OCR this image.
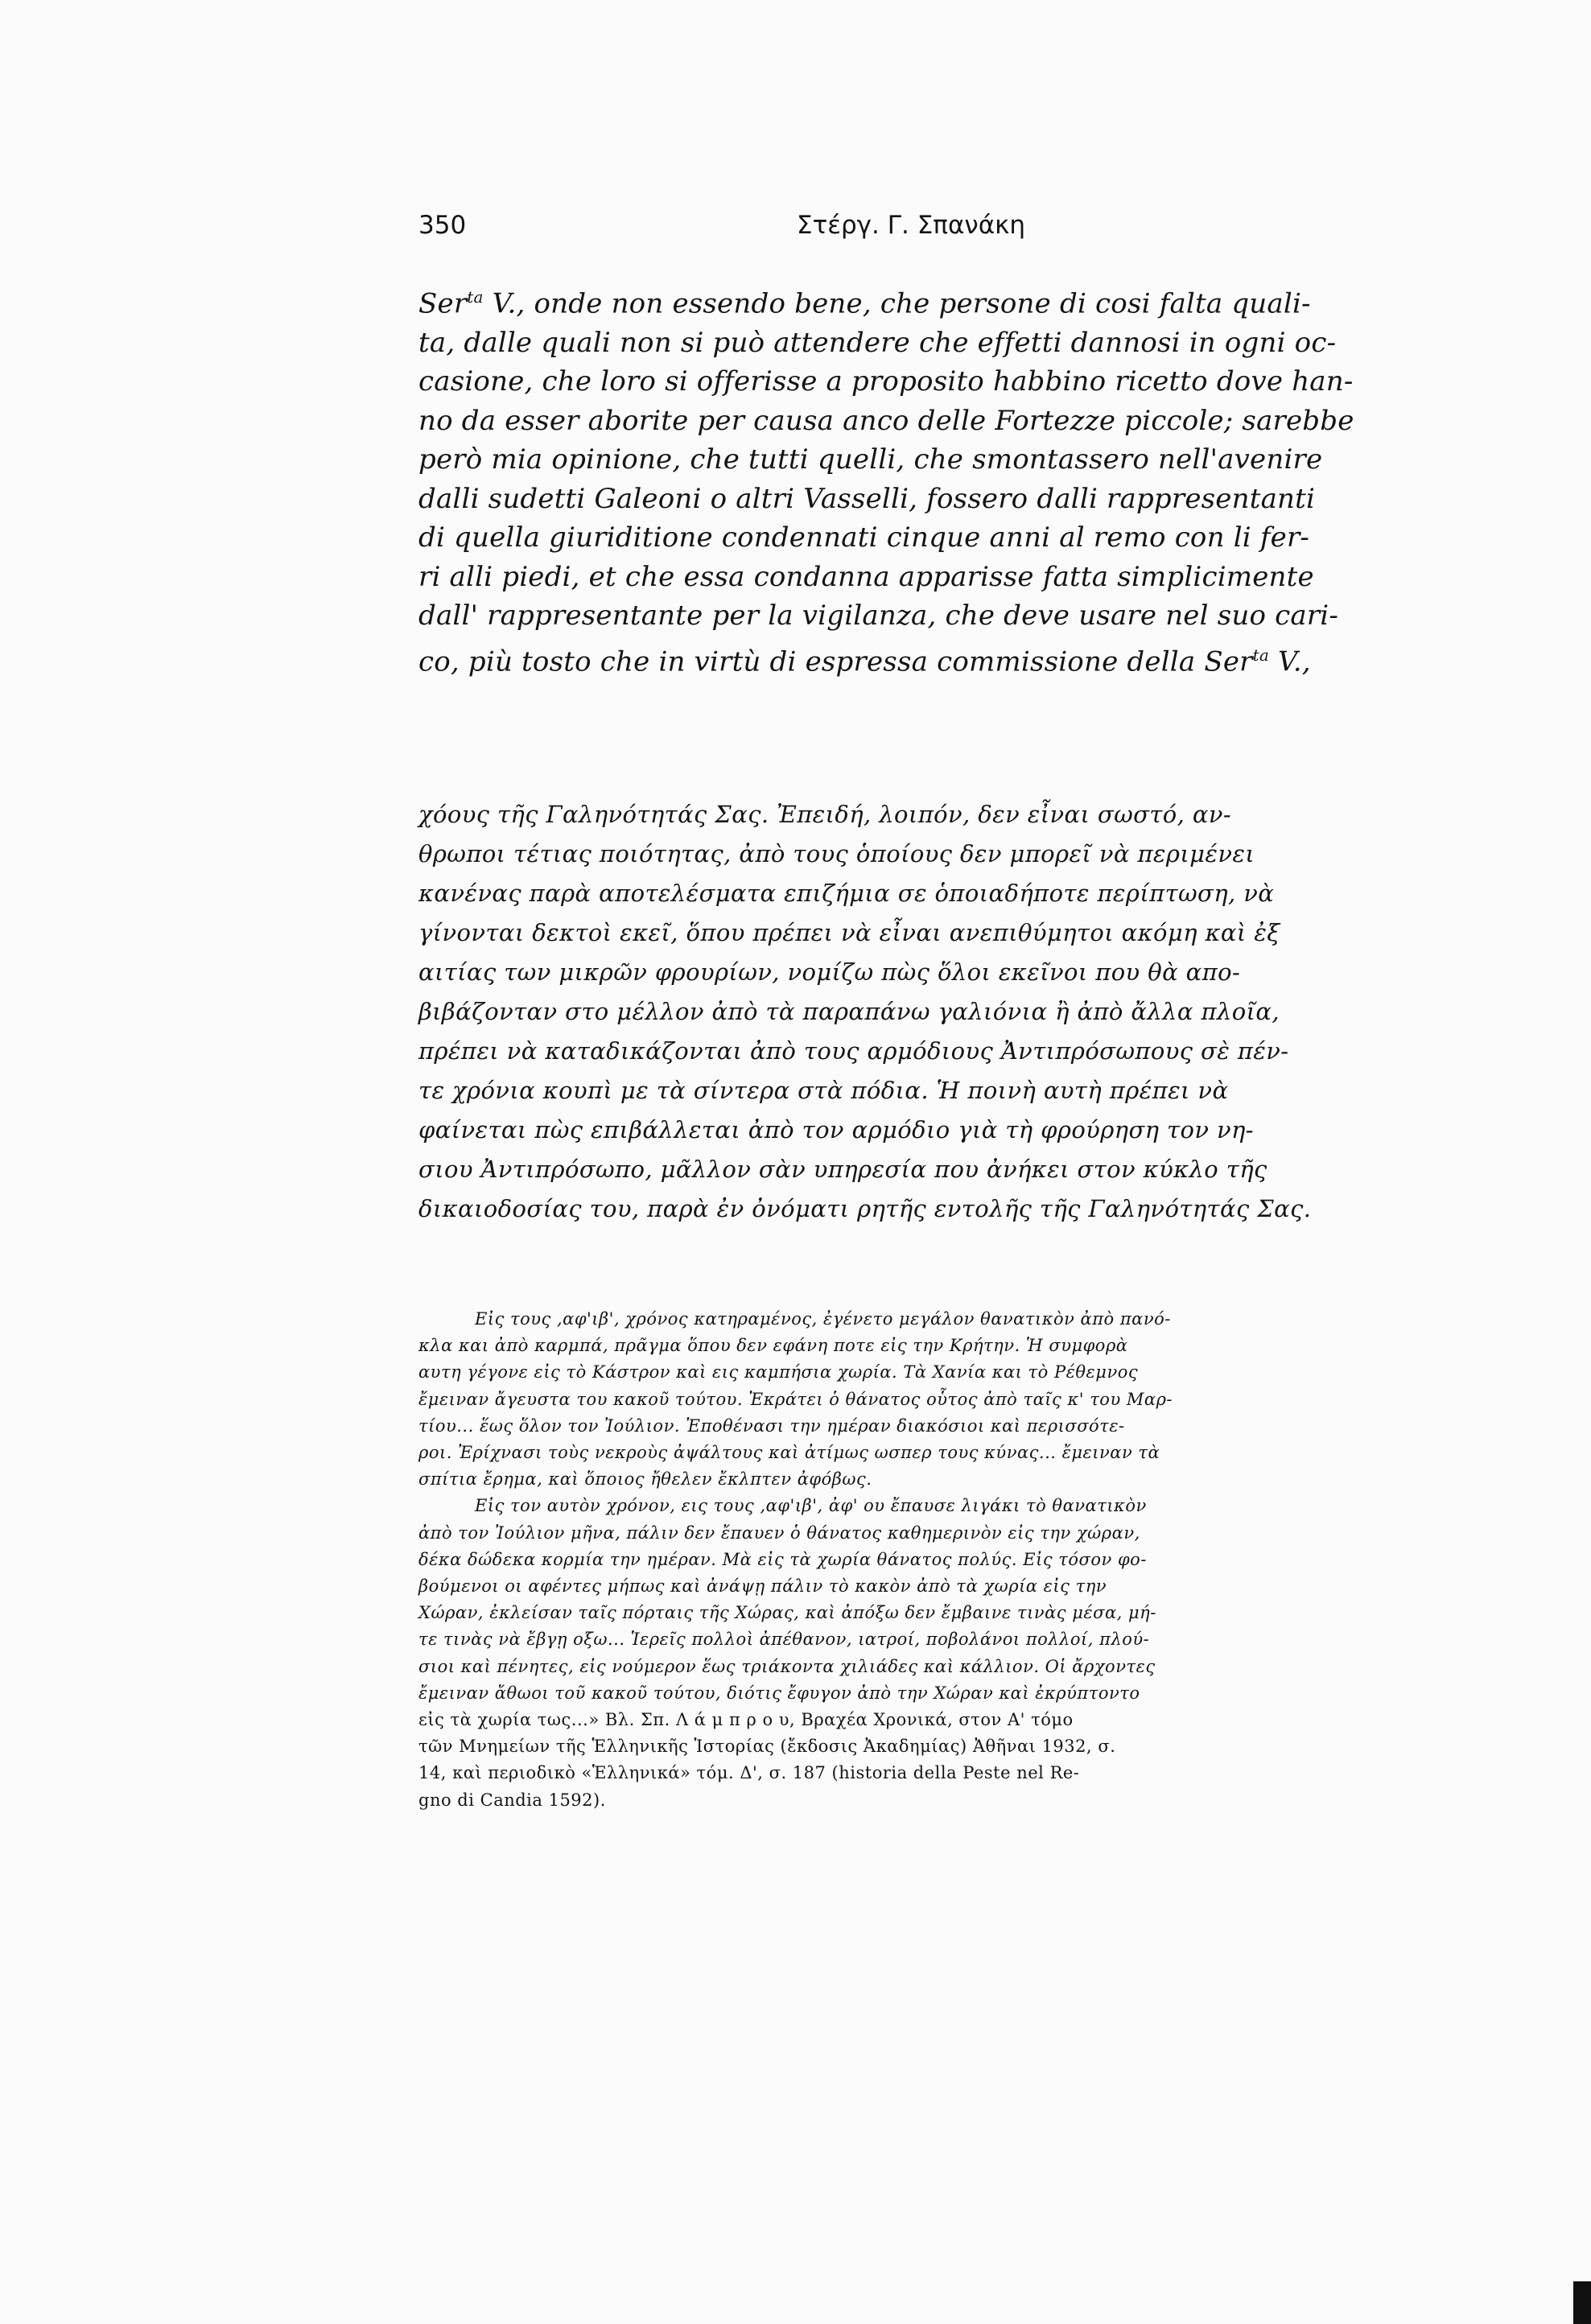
350	Στέργ. Γ. Σπανάκη
Ser$^{ta}$ V., onde non essendo bene, che persone di cosi falta quali-
ta, dalle quali non si può attendere che effetti dannosi in ogni oc-
casione, che loro si offerisse a proposito habbino ricetto dove han-
no da esser aborite per causa anco delle Fortezze piccole; sarebbe
però mia opinione, che tutti quelli, che smontassero nell'avenire
dalli sudetti Galeoni o altri Vasselli, fossero dalli rappresentanti
di quella giuriditione condennati cinque anni al remo con li fer-
ri alli piedi, et che essa condanna apparisse fatta simplicimente
dall' rappresentante per la vigilanza, che deve usare nel suo cari-
co, più tosto che in virtù di espressa commissione della Ser$^{ta}$ V.,
χόους τῆς Γαληνότητάς Σας. Ἐπειδή, λοιπόν, δεν εἶναι σωστό, αν-
θρωποι τέτιας ποιότητας, ἀπὸ τους ὁποίους δεν μπορεῖ νὰ περιμένει
κανένας παρὰ αποτελέσματα επιζήμια σε ὁποιαδήποτε περίπτωση, νὰ
γίνονται δεκτοὶ εκεῖ, ὅπου πρέπει νὰ εἶναι ανεπιθύμητοι ακόμη καὶ ἐξ
αιτίας των μικρῶν φρουρίων, νομίζω πὼς ὅλοι εκεῖνοι που θὰ απο-
βιβάζονταν στο μέλλον ἀπὸ τὰ παραπάνω γαλιόνια ἢ ἀπὸ ἄλλα πλοῖα,
πρέπει νὰ καταδικάζονται ἀπὸ τους αρμόδιους Ἀντιπρόσωπους σὲ πέν-
τε χρόνια κουπὶ με τὰ σίντερα στὰ πόδια. Ἡ ποινὴ αυτὴ πρέπει νὰ
φαίνεται πὼς επιβάλλεται ἀπὸ τον αρμόδιο γιὰ τὴ φρούρηση τον νη-
σιου Ἀντιπρόσωπο, μᾶλλον σὰν υπηρεσία που ἀνήκει στον κύκλο τῆς
δικαιοδοσίας του, παρὰ ἐν ὀνόματι ρητῆς εντολῆς τῆς Γαληνότητάς Σας.
Εἰς τους ,αφ'ιβ', χρόνος κατηραμένος, ἐγένετο μεγάλον θανατικὸν ἀπὸ πανό-
κλα και ἀπὸ καρμπά, πρᾶγμα ὅπου δεν εφάνη ποτε εἰς την Κρήτην. Ἡ συμφορὰ
αυτη γέγονε εἰς τὸ Κάστρον καὶ εις καμπήσια χωρία. Τὰ Χανία και τὸ Ρέθεμνος
ἔμειναν ἄγευστα του κακοῦ τούτου. Ἐκράτει ὁ θάνατος οὗτος ἀπὸ ταῖς κ' του Μαρ-
τίου... ἕως ὅλον τον Ἰούλιον. Ἐποθένασι την ημέραν διακόσιοι καὶ περισσότε-
ροι. Ἐρίχνασι τοὺς νεκροὺς ἀψάλτους καὶ ἀτίμως ωσπερ τους κύνας... ἔμειναν τὰ
σπίτια ἔρημα, καὶ ὅποιος ἤθελεν ἔκλπτεν ἀφόβως.
Εἰς τον αυτὸν χρόνον, εις τους ,αφ'ιβ', ἀφ' ου ἔπαυσε λιγάκι τὸ θανατικὸν
ἀπὸ τον Ἰούλιον μῆνα, πάλιν δεν ἔπαυεν ὁ θάνατος καθημερινὸν εἰς την χώραν,
δέκα δώδεκα κορμία την ημέραν. Μὰ εἰς τὰ χωρία θάνατος πολύς. Εἰς τόσον φο-
βούμενοι οι αφέντες μήπως καὶ ἀνάψῃ πάλιν τὸ κακὸν ἀπὸ τὰ χωρία εἰς την
Χώραν, ἐκλείσαν ταῖς πόρταις τῆς Χώρας, καὶ ἀπόξω δεν ἔμβαινε τινὰς μέσα, μή-
τε τινὰς νὰ ἔβγῃ οξω... Ἱερεῖς πολλοὶ ἀπέθανον, ιατροί, ποβολάνοι πολλοί, πλού-
σιοι καὶ πένητες, εἰς νούμερον ἕως τριάκοντα χιλιάδες καὶ κάλλιον. Οἱ ἄρχοντες
ἔμειναν ἄθωοι τοῦ κακοῦ τούτου, διότις ἔφυγον ἀπὸ την Χώραν καὶ ἐκρύπτοντο
εἰς τὰ χωρία τως...» Βλ. Σπ. Λ ά μ π ρ ο υ, Βραχέα Χρονικά, στον Α' τόμο
τῶν Μνημείων τῆς Ἑλληνικῆς Ἱστορίας (ἔκδοσις Ἀκαδημίας) Ἀθῆναι 1932, σ.
14, καὶ περιοδικὸ «Ἑλληνικά» τόμ. Δ', σ. 187 (historia della Peste nel Re-
gno di Candia 1592).
